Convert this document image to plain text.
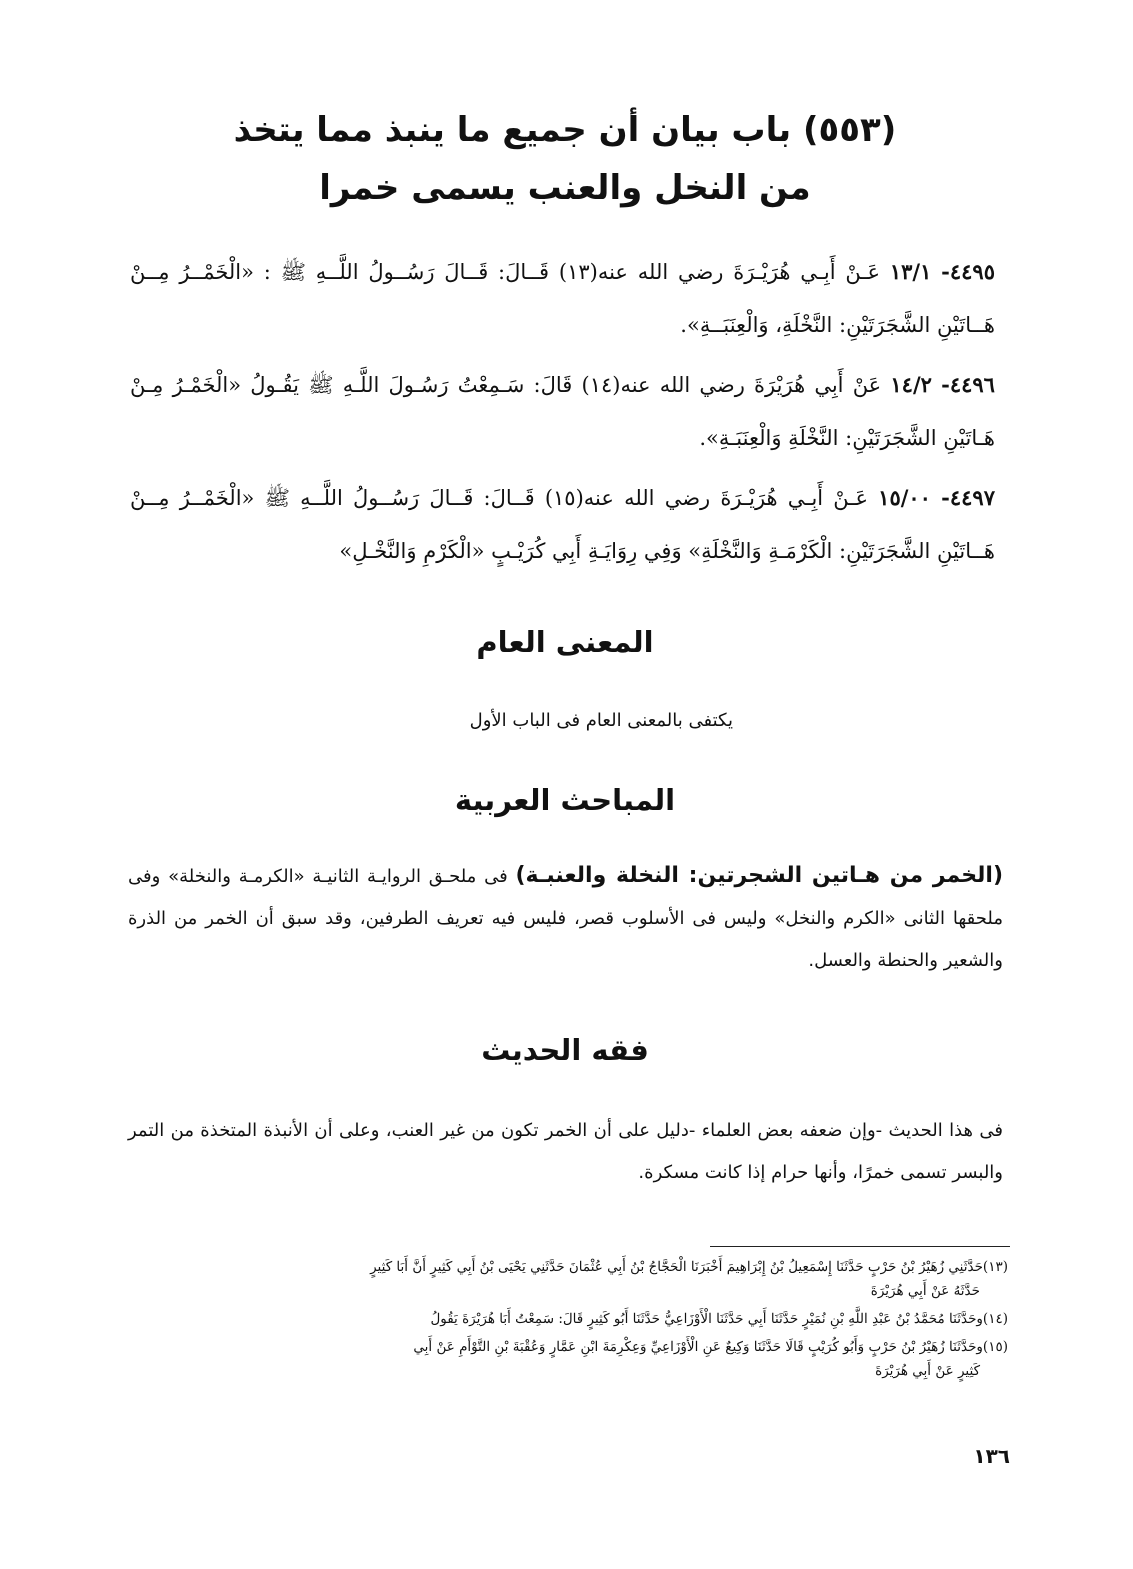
(٥٥٣) باب بيان أن جميع ما ينبذ مما يتخذ
من النخل والعنب يسمى خمرا
٤٤٩٥- ١٣/١ عَـنْ أَبِـي هُرَيْـرَةَ رضي الله عنه(١٣) قَــالَ: قَــالَ رَسُــولُ اللَّــهِ ﷺ : «الْخَمْــرُ مِــنْ هَــاتَيْنِ الشَّجَرَتَيْنِ: النَّخْلَةِ، وَالْعِنَبَــةِ».
٤٤٩٦- ١٤/٢ عَنْ أَبِي هُرَيْرَةَ رضي الله عنه(١٤) قَالَ: سَـمِعْتُ رَسُـولَ اللَّـهِ ﷺ يَقُـولُ «الْخَمْـرُ مِـنْ هَـاتَيْنِ الشَّجَرَتَيْنِ: النَّخْلَةِ وَالْعِنَبَـةِ».
٤٤٩٧- ١٥/٠٠ عَـنْ أَبِـي هُرَيْـرَةَ رضي الله عنه(١٥) قَــالَ: قَــالَ رَسُــولُ اللَّــهِ ﷺ «الْخَمْــرُ مِــنْ هَــاتَيْنِ الشَّجَرَتَيْنِ: الْكَرْمَـةِ وَالنَّخْلَةِ» وَفِي رِوَايَـةِ أَبِي كُرَيْـبٍ «الْكَرْمِ وَالنَّخْـلِ»
المعنى العام
يكتفى بالمعنى العام فى الباب الأول
المباحث العربية
(الخمر من هـاتين الشجرتين: النخلة والعنبـة) فى ملحـق الروايـة الثانيـة «الكرمـة والنخلة» وفى ملحقها الثانى «الكرم والنخل» وليس فى الأسلوب قصر، فليس فيه تعريف الطرفين، وقد سبق أن الخمر من الذرة والشعير والحنطة والعسل.
فقه الحديث
فى هذا الحديث -وإن ضعفه بعض العلماء -دليل على أن الخمر تكون من غير العنب، وعلى أن الأنبذة المتخذة من التمر والبسر تسمى خمرًا، وأنها حرام إذا كانت مسكرة.

(١٣)حَدَّثَنِي زُهَيْرُ بْنُ حَرْبٍ حَدَّثَنَا إِسْمَعِيلُ بْنُ إِبْرَاهِيمَ أَخْبَرَنَا الْحَجَّاجُ بْنُ أَبِي عُثْمَانَ حَدَّثَنِي يَحْيَى بْنُ أَبِي كَثِيرٍ أَنَّ أَبَا كَثِيرٍ
حَدَّثَهُ عَنْ أَبِي هُرَيْرَةَ

(١٤)وحَدَّثَنَا مُحَمَّدُ بْنُ عَبْدِ اللَّهِ بْنِ نُمَيْرٍ حَدَّثَنَا أَبِي حَدَّثَنَا الْأَوْزَاعِيُّ حَدَّثَنَا أَبُو كَثِيرٍ قَالَ: سَمِعْتُ أَبَا هُرَيْرَةَ يَقُولُ

(١٥)وحَدَّثَنَا زُهَيْرُ بْنُ حَرْبٍ وَأَبُو كُرَيْبٍ قَالَا حَدَّثَنَا وَكِيعٌ عَنِ الْأَوْزَاعِيِّ وَعِكْرِمَةَ ابْنِ عَمَّارٍ وَعُقْبَةَ بْنِ التَّوْأَمِ عَنْ أَبِي
كَثِيرٍ عَنْ أَبِي هُرَيْرَةَ

١٣٦
